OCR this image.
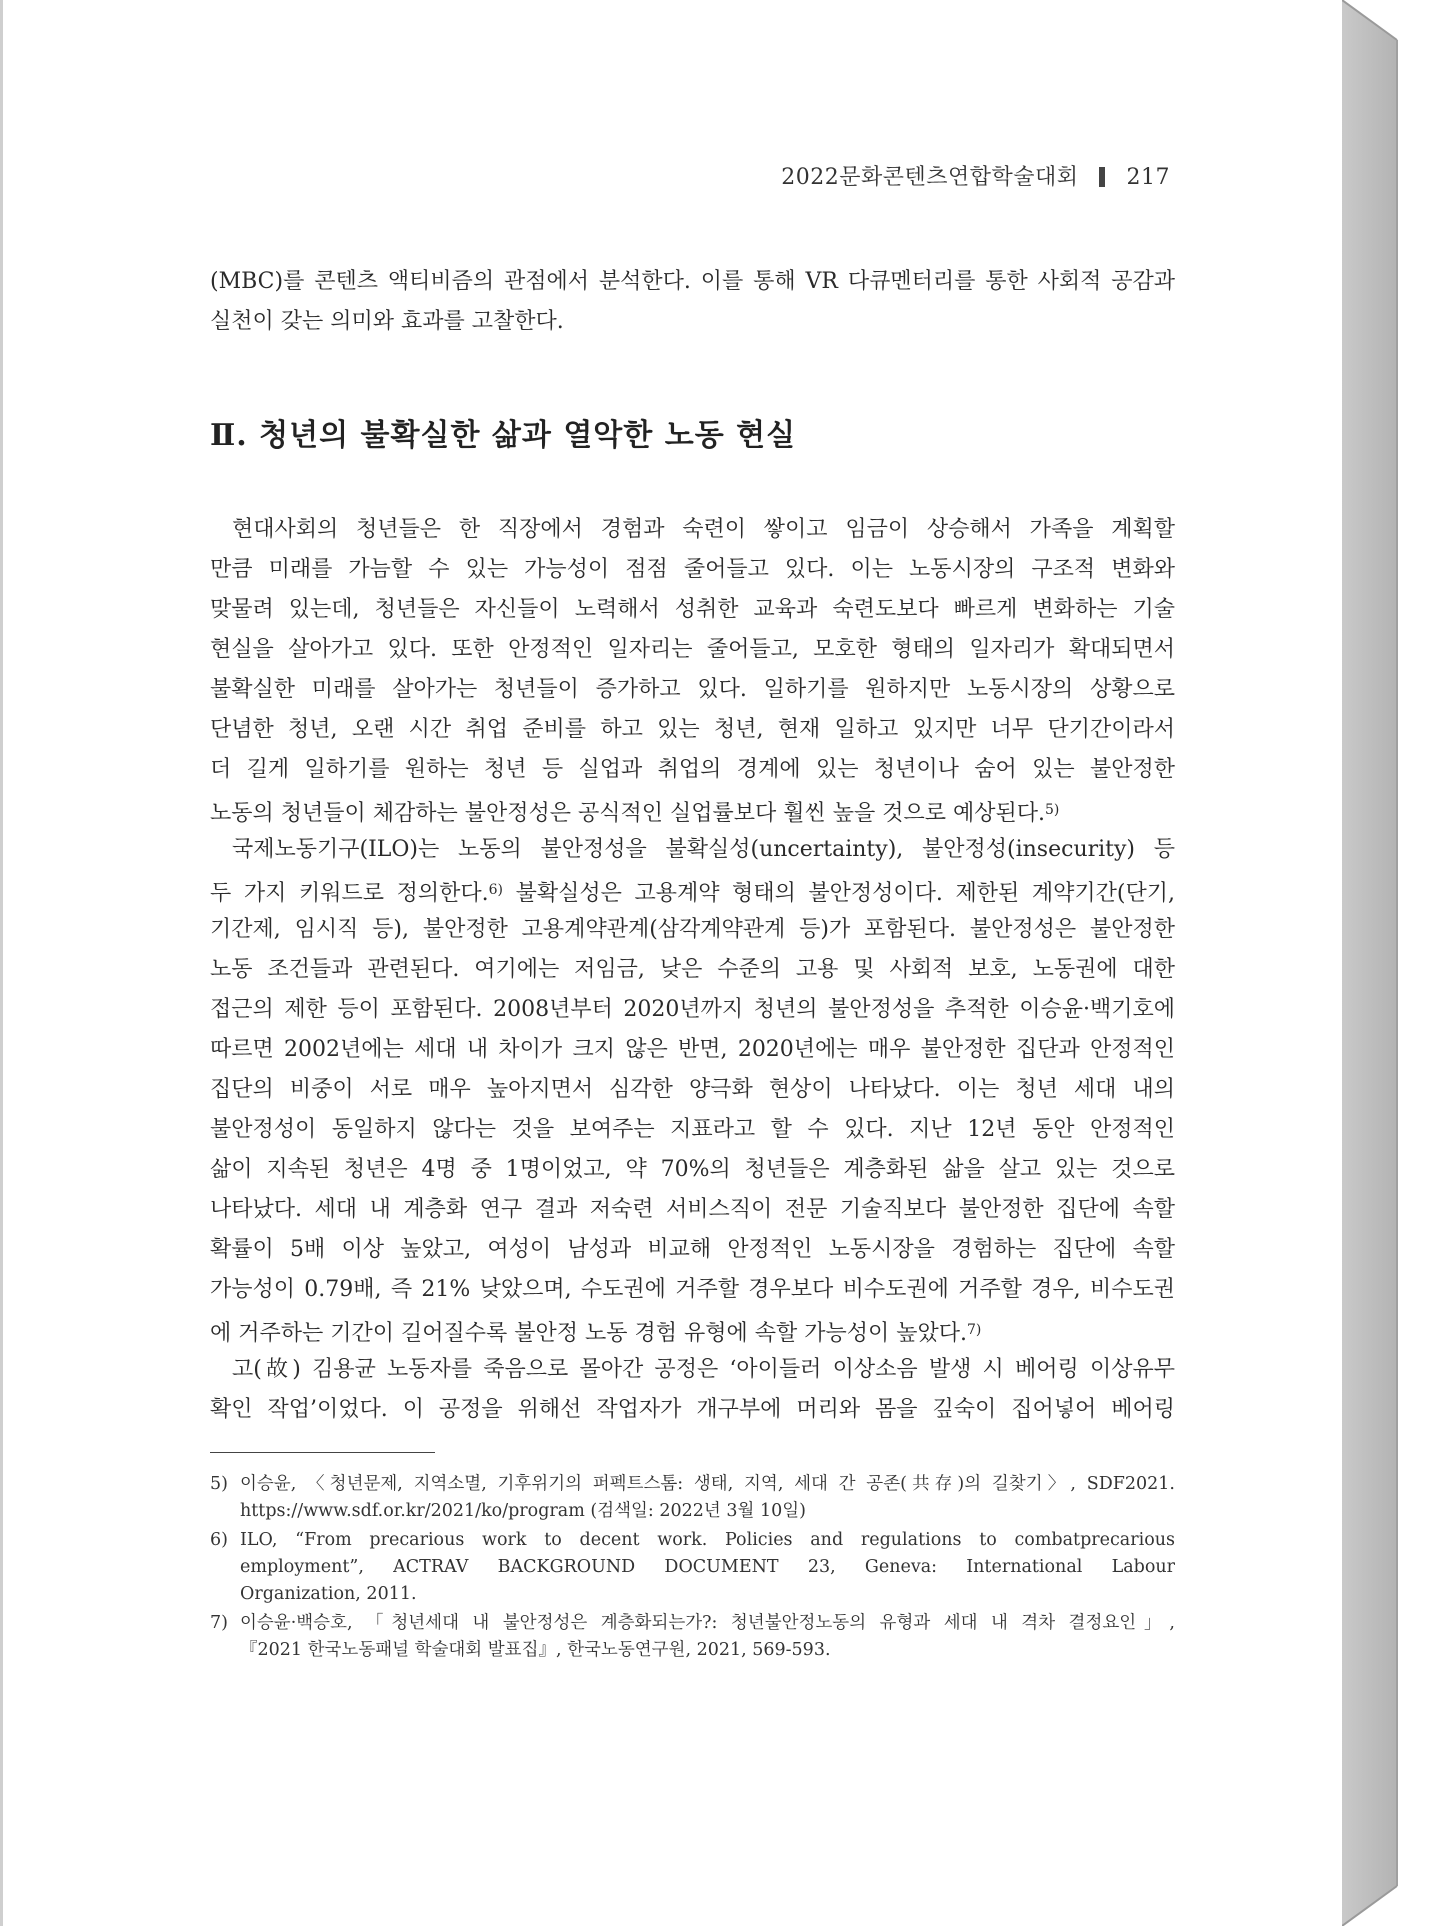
2022문화콘텐츠연합학술대회 217

(MBC)를 콘텐츠 액티비즘의 관점에서 분석한다. 이를 통해 VR 다큐멘터리를 통한 사회적 공감과

실천이 갖는 의미와 효과를 고찰한다.

Ⅱ. 청년의 불확실한 삶과 열악한 노동 현실

현대사회의 청년들은 한 직장에서 경험과 숙련이 쌓이고 임금이 상승해서 가족을 계획할

만큼 미래를 가늠할 수 있는 가능성이 점점 줄어들고 있다. 이는 노동시장의 구조적 변화와

맞물려 있는데, 청년들은 자신들이 노력해서 성취한 교육과 숙련도보다 빠르게 변화하는 기술

현실을 살아가고 있다. 또한 안정적인 일자리는 줄어들고, 모호한 형태의 일자리가 확대되면서

불확실한 미래를 살아가는 청년들이 증가하고 있다. 일하기를 원하지만 노동시장의 상황으로

단념한 청년, 오랜 시간 취업 준비를 하고 있는 청년, 현재 일하고 있지만 너무 단기간이라서

더 길게 일하기를 원하는 청년 등 실업과 취업의 경계에 있는 청년이나 숨어 있는 불안정한

노동의 청년들이 체감하는 불안정성은 공식적인 실업률보다 훨씬 높을 것으로 예상된다.$^{5)}$

국제노동기구(ILO)는 노동의 불안정성을 불확실성(uncertainty), 불안정성(insecurity) 등

두 가지 키워드로 정의한다.$^{6)}$ 불확실성은 고용계약 형태의 불안정성이다. 제한된 계약기간(단기,

기간제, 임시직 등), 불안정한 고용계약관계(삼각계약관계 등)가 포함된다. 불안정성은 불안정한

노동 조건들과 관련된다. 여기에는 저임금, 낮은 수준의 고용 및 사회적 보호, 노동권에 대한

접근의 제한 등이 포함된다. 2008년부터 2020년까지 청년의 불안정성을 추적한 이승윤·백기호에

따르면 2002년에는 세대 내 차이가 크지 않은 반면, 2020년에는 매우 불안정한 집단과 안정적인

집단의 비중이 서로 매우 높아지면서 심각한 양극화 현상이 나타났다. 이는 청년 세대 내의

불안정성이 동일하지 않다는 것을 보여주는 지표라고 할 수 있다. 지난 12년 동안 안정적인

삶이 지속된 청년은 4명 중 1명이었고, 약 70%의 청년들은 계층화된 삶을 살고 있는 것으로

나타났다. 세대 내 계층화 연구 결과 저숙련 서비스직이 전문 기술직보다 불안정한 집단에 속할

확률이 5배 이상 높았고, 여성이 남성과 비교해 안정적인 노동시장을 경험하는 집단에 속할

가능성이 0.79배, 즉 21% 낮았으며, 수도권에 거주할 경우보다 비수도권에 거주할 경우, 비수도권

에 거주하는 기간이 길어질수록 불안정 노동 경험 유형에 속할 가능성이 높았다.$^{7)}$

고(故) 김용균 노동자를 죽음으로 몰아간 공정은 ‘아이들러 이상소음 발생 시 베어링 이상유무

확인 작업’이었다. 이 공정을 위해선 작업자가 개구부에 머리와 몸을 깊숙이 집어넣어 베어링

5) 이승윤, 〈청년문제, 지역소멸, 기후위기의 퍼펙트스톰: 생태, 지역, 세대 간 공존(共存)의 길찾기〉, SDF2021.
https://www.sdf.or.kr/2021/ko/program (검색일: 2022년 3월 10일)
6) ILO, “From precarious work to decent work. Policies and regulations to combatprecarious
employment”, ACTRAV BACKGROUND DOCUMENT 23, Geneva: International Labour
Organization, 2011.
7) 이승윤·백승호, 「청년세대 내 불안정성은 계층화되는가?: 청년불안정노동의 유형과 세대 내 격차 결정요인」,
『2021 한국노동패널 학술대회 발표집』, 한국노동연구원, 2021, 569-593.
